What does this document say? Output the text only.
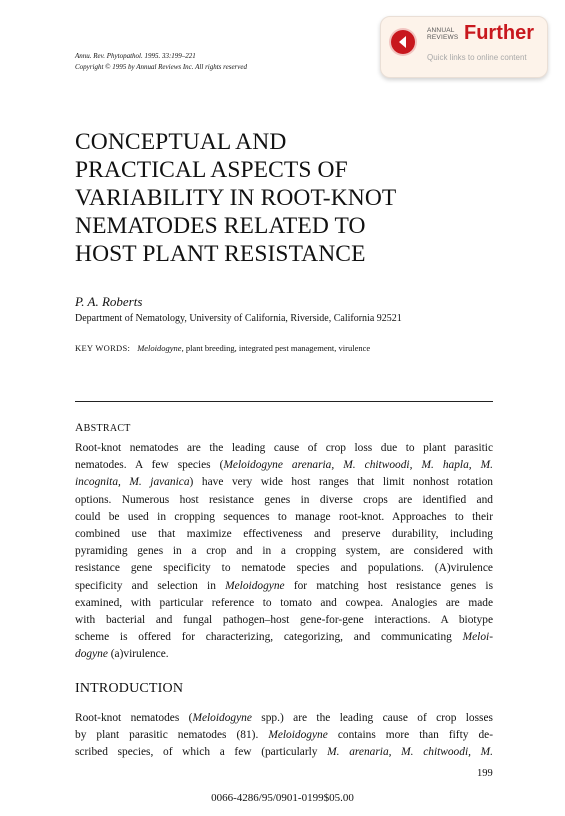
Annu. Rev. Phytopathol. 1995. 33:199–221
Copyright © 1995 by Annual Reviews Inc. All rights reserved
ANNUAL
REVIEWS Further
Quick links to online content
CONCEPTUAL AND
PRACTICAL ASPECTS OF
VARIABILITY IN ROOT-KNOT
NEMATODES RELATED TO
HOST PLANT RESISTANCE
P. A. Roberts
Department of Nematology, University of California, Riverside, California 92521
KEY WORDS: Meloidogyne, plant breeding, integrated pest management, virulence
ABSTRACT
Root-knot nematodes are the leading cause of crop loss due to plant parasitic
nematodes. A few species (Meloidogyne arenaria, M. chitwoodi, M. hapla, M.
incognita, M. javanica) have very wide host ranges that limit nonhost rotation
options. Numerous host resistance genes in diverse crops are identified and
could be used in cropping sequences to manage root-knot. Approaches to their
combined use that maximize effectiveness and preserve durability, including
pyramiding genes in a crop and in a cropping system, are considered with
resistance gene specificity to nematode species and populations. (A)virulence
specificity and selection in Meloidogyne for matching host resistance genes is
examined, with particular reference to tomato and cowpea. Analogies are made
with bacterial and fungal pathogen–host gene-for-gene interactions. A biotype
scheme is offered for characterizing, categorizing, and communicating Meloi-
dogyne (a)virulence.
INTRODUCTION
Root-knot nematodes (Meloidogyne spp.) are the leading cause of crop losses
by plant parasitic nematodes (81). Meloidogyne contains more than fifty de-
scribed species, of which a few (particularly M. arenaria, M. chitwoodi, M.
199
0066-4286/95/0901-0199$05.00
